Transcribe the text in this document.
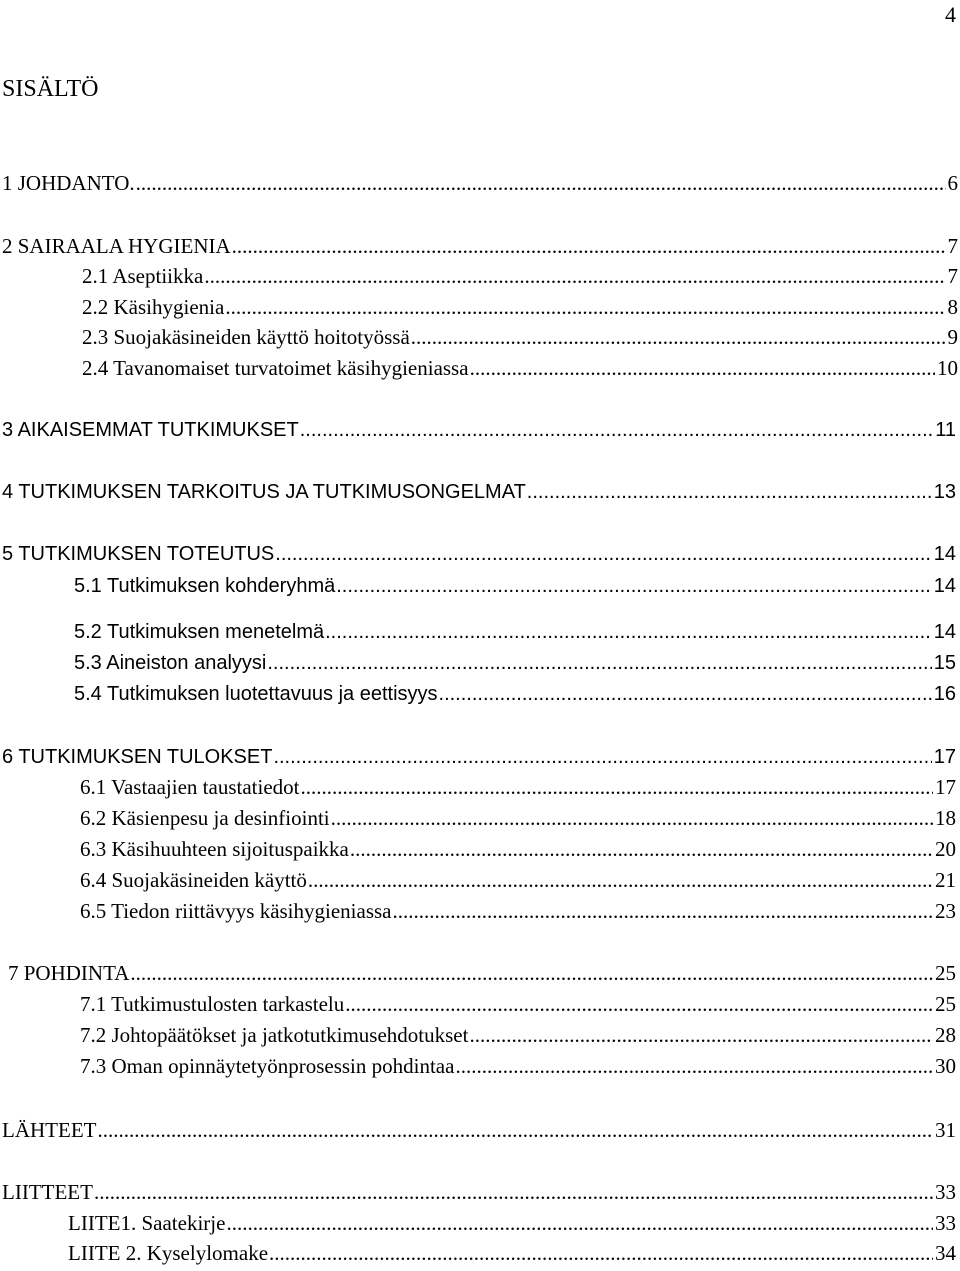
4
SISÄLTÖ
1 JOHDANTO. .....	6
2 SAIRAALA HYGIENIA .....	7
2.1 Aseptiikka .....	7
2.2 Käsihygienia .....	8
2.3 Suojakäsineiden käyttö hoitotyössä .....	9
2.4 Tavanomaiset turvatoimet käsihygieniassa .....	10
3 AIKAISEMMAT TUTKIMUKSET .....	11
4 TUTKIMUKSEN TARKOITUS JA TUTKIMUSONGELMAT .....	13
5 TUTKIMUKSEN TOTEUTUS .....	14
5.1 Tutkimuksen kohderyhmä .....	14
5.2 Tutkimuksen menetelmä .....	14
5.3 Aineiston analyysi .....	15
5.4 Tutkimuksen luotettavuus ja eettisyys .....	16
6 TUTKIMUKSEN TULOKSET .....	17
6.1 Vastaajien taustatiedot .....	17
6.2 Käsienpesu ja desinfiointi .....	18
6.3 Käsihuuhteen sijoituspaikka .....	20
6.4 Suojakäsineiden käyttö .....	21
6.5 Tiedon riittävyys käsihygieniassa .....	23
7 POHDINTA .....	25
7.1 Tutkimustulosten tarkastelu .....	25
7.2 Johtopäätökset ja jatkotutkimusehdotukset .....	28
7.3 Oman opinnäytetyönprosessin pohdintaa .....	30
LÄHTEET .....	31
LIITTEET .....	33
LIITE1. Saatekirje .....	33
LIITE 2. Kyselylomake .....	34
